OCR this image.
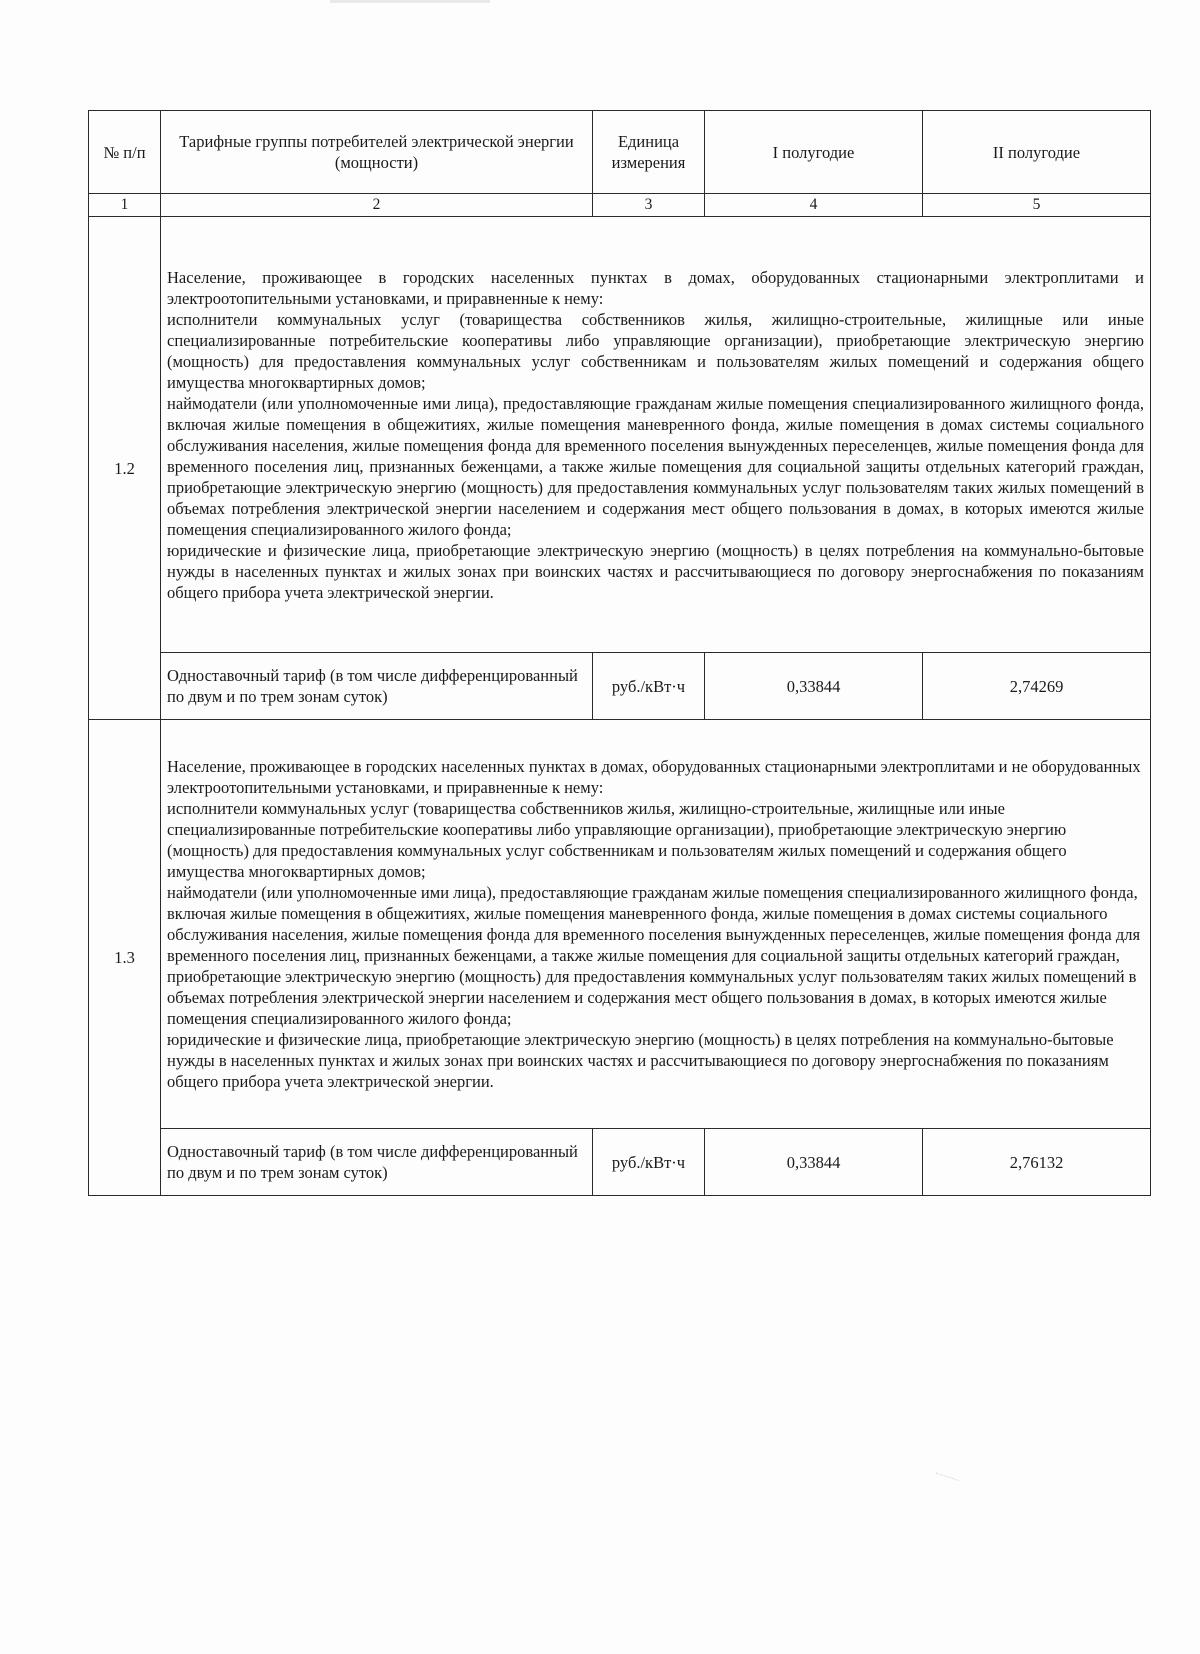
№ п/п	Тарифные группы потребителей электрической энергии (мощности)	Единица измерения	I полугодие	II полугодие
1	2	3	4	5
1.2	Население, проживающее в городских населенных пунктах в домах, оборудованных стационарными электроплитами и электроотопительными установками, и приравненные к нему:

исполнители коммунальных услуг (товарищества собственников жилья, жилищно-строительные, жилищные или иные специализированные потребительские кооперативы либо управляющие организации), приобретающие электрическую энергию (мощность) для предоставления коммунальных услуг собственникам и пользователям жилых помещений и содержания общего имущества многоквартирных домов;

наймодатели (или уполномоченные ими лица), предоставляющие гражданам жилые помещения специализированного жилищного фонда, включая жилые помещения в общежитиях, жилые помещения маневренного фонда, жилые помещения в домах системы социального обслуживания населения, жилые помещения фонда для временного поселения вынужденных переселенцев, жилые помещения фонда для временного поселения лиц, признанных беженцами, а также жилые помещения для социальной защиты отдельных категорий граждан, приобретающие электрическую энергию (мощность) для предоставления коммунальных услуг пользователям таких жилых помещений в объемах потребления электрической энергии населением и содержания мест общего пользования в домах, в которых имеются жилые помещения специализированного жилого фонда;

юридические и физические лица, приобретающие электрическую энергию (мощность) в целях потребления на коммунально-бытовые нужды в населенных пунктах и жилых зонах при воинских частях и рассчитывающиеся по договору энергоснабжения по показаниям общего прибора учета электрической энергии.			

	Одноставочный тариф (в том числе дифференцированный по двум и по трем зонам суток)	руб./кВт·ч	0,33844	2,74269
1.3	Население, проживающее в городских населенных пунктах в домах, оборудованных стационарными электроплитами и не оборудованных электроотопительными установками, и приравненные к нему:

исполнители коммунальных услуг (товарищества собственников жилья, жилищно-строительные, жилищные или иные специализированные потребительские кооперативы либо управляющие организации), приобретающие электрическую энергию (мощность) для предоставления коммунальных услуг собственникам и пользователям жилых помещений и содержания общего имущества многоквартирных домов;

наймодатели (или уполномоченные ими лица), предоставляющие гражданам жилые помещения специализированного жилищного фонда, включая жилые помещения в общежитиях, жилые помещения маневренного фонда, жилые помещения в домах системы социального обслуживания населения, жилые помещения фонда для временного поселения вынужденных переселенцев, жилые помещения фонда для временного поселения лиц, признанных беженцами, а также жилые помещения для социальной защиты отдельных категорий граждан, приобретающие электрическую энергию (мощность) для предоставления коммунальных услуг пользователям таких жилых помещений в объемах потребления электрической энергии населением и содержания мест общего пользования в домах, в которых имеются жилые помещения специализированного жилого фонда;

юридические и физические лица, приобретающие электрическую энергию (мощность) в целях потребления на коммунально-бытовые нужды в населенных пунктах и жилых зонах при воинских частях и рассчитывающиеся по договору энергоснабжения по показаниям общего прибора учета электрической энергии.			

	Одноставочный тариф (в том числе дифференцированный по двум и по трем зонам суток)	руб./кВт·ч	0,33844	2,76132
